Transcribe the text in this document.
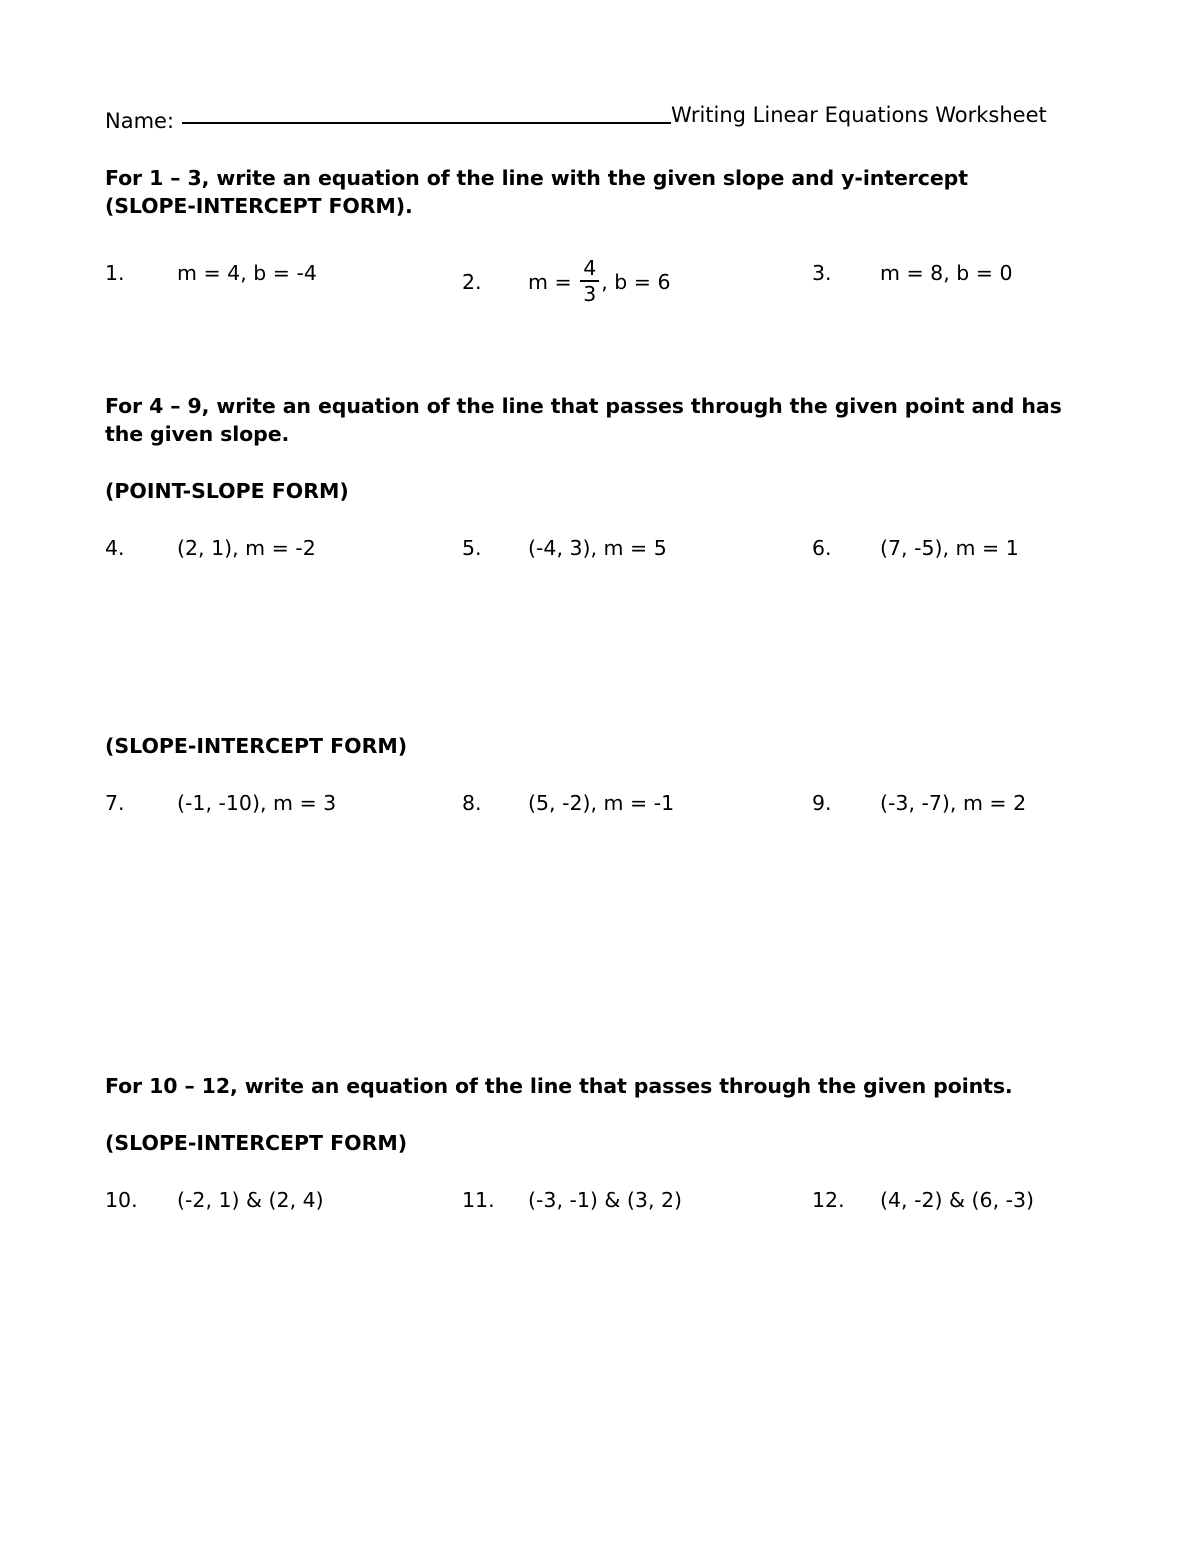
Name:	Writing Linear Equations Worksheet
For 1 – 3, write an equation of the line with the given slope and y-intercept
(SLOPE-INTERCEPT FORM).
1.	m = 4, b = -4	2.	$m = \frac{4}{3}$ , b = 6	3.	m = 8, b = 0
For 4 – 9, write an equation of the line that passes through the given point and has
the given slope.
(POINT-SLOPE FORM)
4.	(2, 1), m = -2	5.	(-4, 3), m = 5	6.	(7, -5), m = 1
(SLOPE-INTERCEPT FORM)
7.	(-1, -10), m = 3	8.	(5, -2), m = -1	9.	(-3, -7), m = 2
For 10 – 12, write an equation of the line that passes through the given points.
(SLOPE-INTERCEPT FORM)
10.	(-2, 1) & (2, 4)	11.	(-3, -1) & (3, 2)	12.	(4, -2) & (6, -3)
